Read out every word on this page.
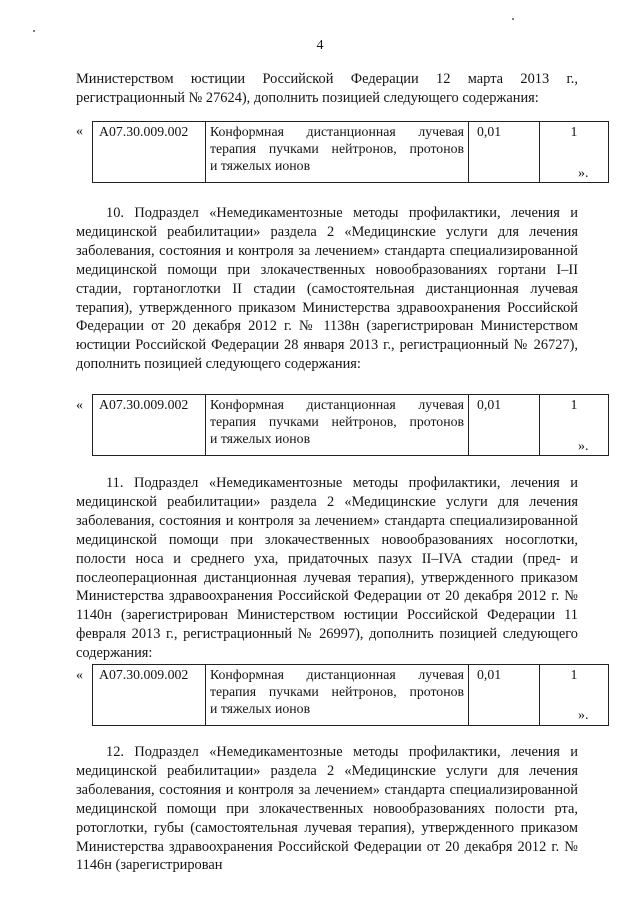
4

Министерством юстиции Российской Федерации 12 марта 2013 г., регистрационный № 27624), дополнить позицией следующего содержания:

« A07.30.009.002	Конформная дистанционная лучевая
терапия пучками нейтронов, протонов
и тяжелых ионов
	0,01	1
».

10. Подраздел «Немедикаментозные методы профилактики, лечения и медицинской реабилитации» раздела 2 «Медицинские услуги для лечения заболевания, состояния и контроля за лечением» стандарта специализированной медицинской помощи при злокачественных новообразованиях гортани I–II стадии, гортаноглотки II стадии (самостоятельная дистанционная лучевая терапия), утвержденного приказом Министерства здравоохранения Российской Федерации от 20 декабря 2012 г. № 1138н (зарегистрирован Министерством юстиции Российской Федерации 28 января 2013 г., регистрационный № 26727), дополнить позицией следующего содержания:

« A07.30.009.002	Конформная дистанционная лучевая
терапия пучками нейтронов, протонов
и тяжелых ионов
	0,01	1
».

11. Подраздел «Немедикаментозные методы профилактики, лечения и медицинской реабилитации» раздела 2 «Медицинские услуги для лечения заболевания, состояния и контроля за лечением» стандарта специализированной медицинской помощи при злокачественных новообразованиях носоглотки, полости носа и среднего уха, придаточных пазух II–IVA стадии (пред- и послеоперационная дистанционная лучевая терапия), утвержденного приказом Министерства здравоохранения Российской Федерации от 20 декабря 2012 г. № 1140н (зарегистрирован Министерством юстиции Российской Федерации 11 февраля 2013 г., регистрационный № 26997), дополнить позицией следующего содержания:

« A07.30.009.002	Конформная дистанционная лучевая
терапия пучками нейтронов, протонов
и тяжелых ионов
	0,01	1
».

12. Подраздел «Немедикаментозные методы профилактики, лечения и медицинской реабилитации» раздела 2 «Медицинские услуги для лечения заболевания, состояния и контроля за лечением» стандарта специализированной медицинской помощи при злокачественных новообразованиях полости рта, ротоглотки, губы (самостоятельная лучевая терапия), утвержденного приказом Министерства здравоохранения Российской Федерации от 20 декабря 2012 г. № 1146н (зарегистрирован
